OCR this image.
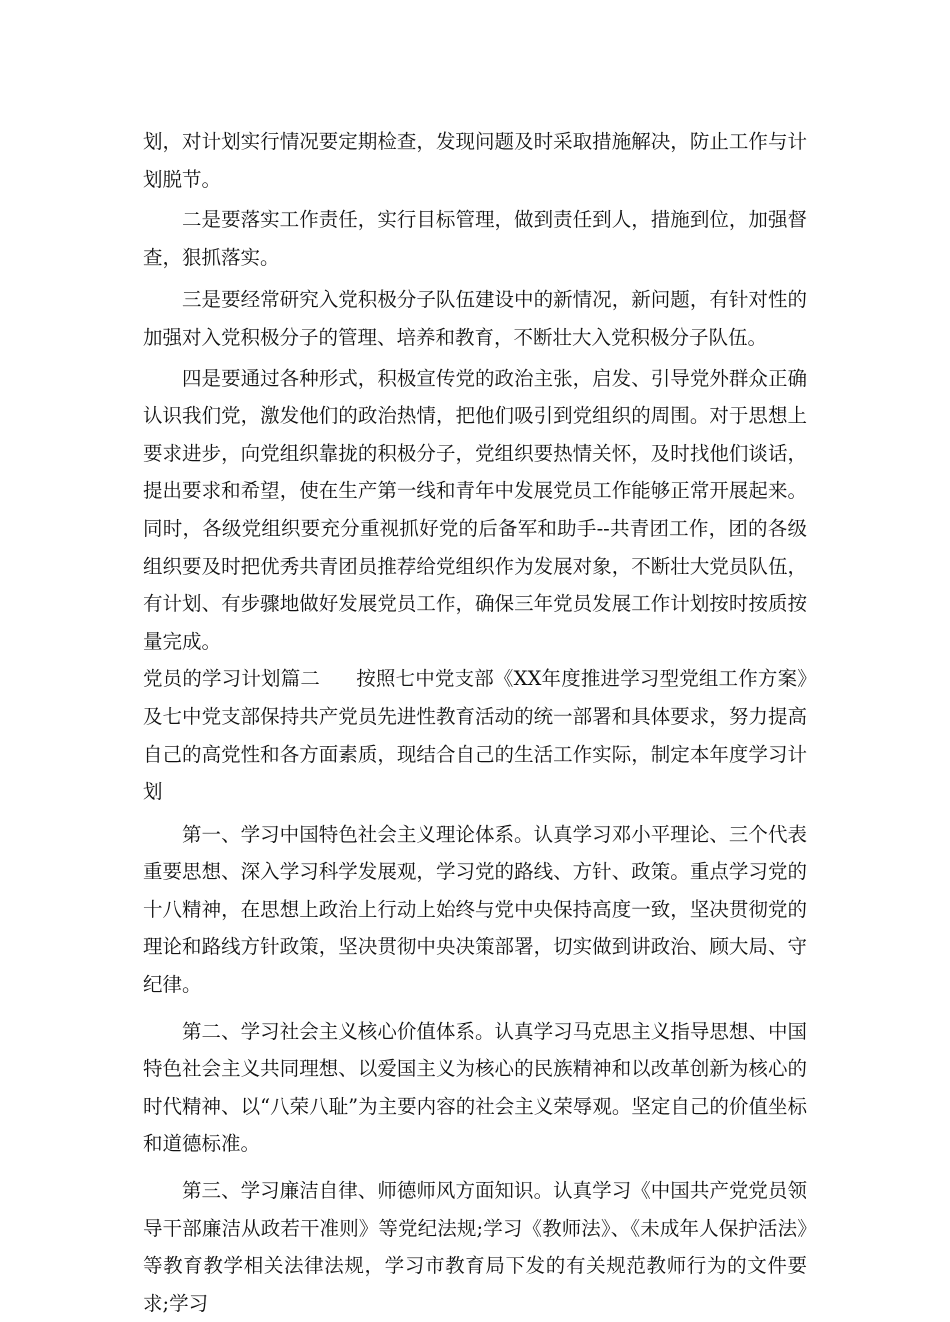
划，对计划实行情况要定期检查，发现问题及时采取措施解决，防止工作与计划脱节。

二是要落实工作责任，实行目标管理，做到责任到人，措施到位，加强督查，狠抓落实。

三是要经常研究入党积极分子队伍建设中的新情况，新问题，有针对性的加强对入党积极分子的管理、培养和教育，不断壮大入党积极分子队伍。

四是要通过各种形式，积极宣传党的政治主张，启发、引导党外群众正确认识我们党，激发他们的政治热情，把他们吸引到党组织的周围。对于思想上要求进步，向党组织靠拢的积极分子，党组织要热情关怀，及时找他们谈话，提出要求和希望，使在生产第一线和青年中发展党员工作能够正常开展起来。同时，各级党组织要充分重视抓好党的后备军和助手--共青团工作，团的各级组织要及时把优秀共青团员推荐给党组织作为发展对象，不断壮大党员队伍，有计划、有步骤地做好发展党员工作，确保三年党员发展工作计划按时按质按量完成。

党员的学习计划篇二 按照七中党支部《XX年度推进学习型党组工作方案》及七中党支部保持共产党员先进性教育活动的统一部署和具体要求，努力提高自己的高党性和各方面素质，现结合自己的生活工作实际，制定本年度学习计划

第一、学习中国特色社会主义理论体系。认真学习邓小平理论、三个代表重要思想、深入学习科学发展观，学习党的路线、方针、政策。重点学习党的十八精神，在思想上政治上行动上始终与党中央保持高度一致，坚决贯彻党的理论和路线方针政策，坚决贯彻中央决策部署，切实做到讲政治、顾大局、守纪律。

第二、学习社会主义核心价值体系。认真学习马克思主义指导思想、中国特色社会主义共同理想、以爱国主义为核心的民族精神和以改革创新为核心的时代精神、以“八荣八耻”为主要内容的社会主义荣辱观。坚定自己的价值坐标和道德标准。

第三、学习廉洁自律、师德师风方面知识。认真学习《中国共产党党员领导干部廉洁从政若干准则》等党纪法规;学习《教师法》、《未成年人保护活法》等教育教学相关法律法规，学习市教育局下发的有关规范教师行为的文件要求;学习
